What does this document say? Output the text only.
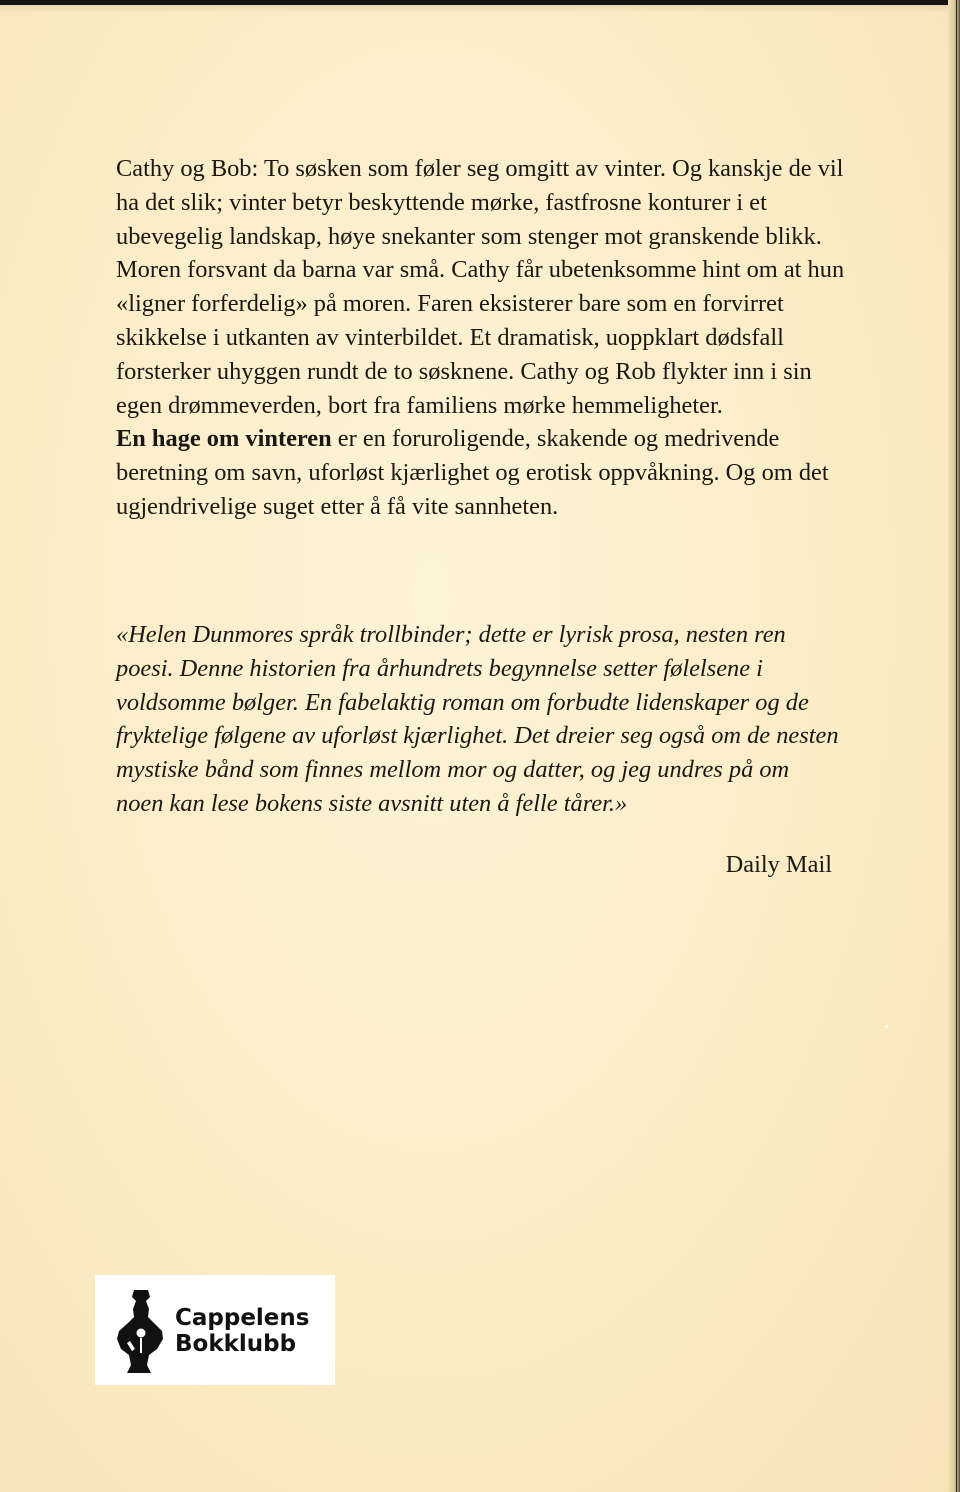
Cathy og Bob: To søsken som føler seg omgitt av vinter. Og kanskje de vil ha det slik; vinter betyr beskyttende mørke, fastfrosne konturer i et ubevegelig landskap, høye snekanter som stenger mot granskende blikk. Moren forsvant da barna var små. Cathy får ubetenksomme hint om at hun «ligner forferdelig» på moren. Faren eksisterer bare som en forvirret skikkelse i utkanten av vinterbildet. Et dramatisk, uoppklart dødsfall forsterker uhyggen rundt de to søsknene. Cathy og Rob flykter inn i sin egen drømmeverden, bort fra familiens mørke hemmeligheter.

En hage om vinteren er en foruroligende, skakende og medrivende beretning om savn, uforløst kjærlighet og erotisk oppvåkning. Og om det ugjendrivelige suget etter å få vite sannheten.

«Helen Dunmores språk trollbinder; dette er lyrisk prosa, nesten ren poesi. Denne historien fra århundrets begynnelse setter følelsene i voldsomme bølger. En fabelaktig roman om forbudte lidenskaper og de fryktelige følgene av uforløst kjærlighet. Det dreier seg også om de nesten mystiske bånd som finnes mellom mor og datter, og jeg undres på om noen kan lese bokens siste avsnitt uten å felle tårer.»

Daily Mail
Cappelens
Bokklubb
